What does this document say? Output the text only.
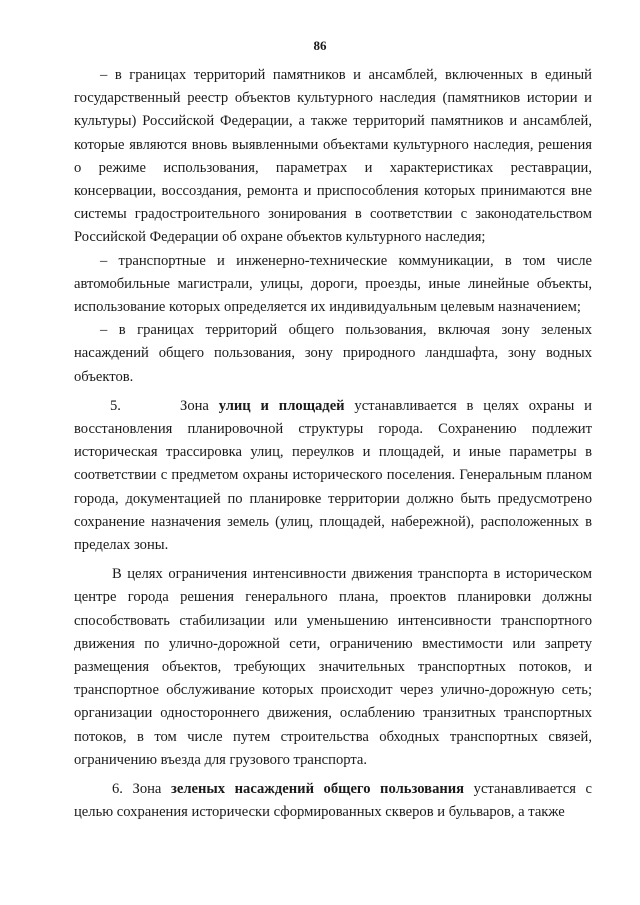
86

– в границах территорий памятников и ансамблей, включенных в единый государственный реестр объектов культурного наследия (памятников истории и культуры) Российской Федерации, а также территорий памятников и ансамблей, которые являются вновь выявленными объектами культурного наследия, решения о режиме использования, параметрах и характеристиках реставрации, консервации, воссоздания, ремонта и приспособления которых принимаются вне системы градостроительного зонирования в соответствии с законодательством Российской Федерации об охране объектов культурного наследия;

– транспортные и инженерно-технические коммуникации, в том числе автомобильные магистрали, улицы, дороги, проезды, иные линейные объекты, использование которых определяется их индивидуальным целевым назначением;

– в границах территорий общего пользования, включая зону зеленых насаждений общего пользования, зону природного ландшафта, зону водных объектов.

5.	Зона улиц и площадей устанавливается в целях охраны и восстановления планировочной структуры города. Сохранению подлежит историческая трассировка улиц, переулков и площадей, и иные параметры в соответствии с предметом охраны исторического поселения. Генеральным планом города, документацией по планировке территории должно быть предусмотрено сохранение назначения земель (улиц, площадей, набережной), расположенных в пределах зоны.

В целях ограничения интенсивности движения транспорта в историческом центре города решения генерального плана, проектов планировки должны способствовать стабилизации или уменьшению интенсивности транспортного движения по улично-дорожной сети, ограничению вместимости или запрету размещения объектов, требующих значительных транспортных потоков, и транспортное обслуживание которых происходит через улично-дорожную сеть; организации одностороннего движения, ослаблению транзитных транспортных потоков, в том числе путем строительства обходных транспортных связей, ограничению въезда для грузового транспорта.

6. Зона зеленых насаждений общего пользования устанавливается с целью сохранения исторически сформированных скверов и бульваров, а также
